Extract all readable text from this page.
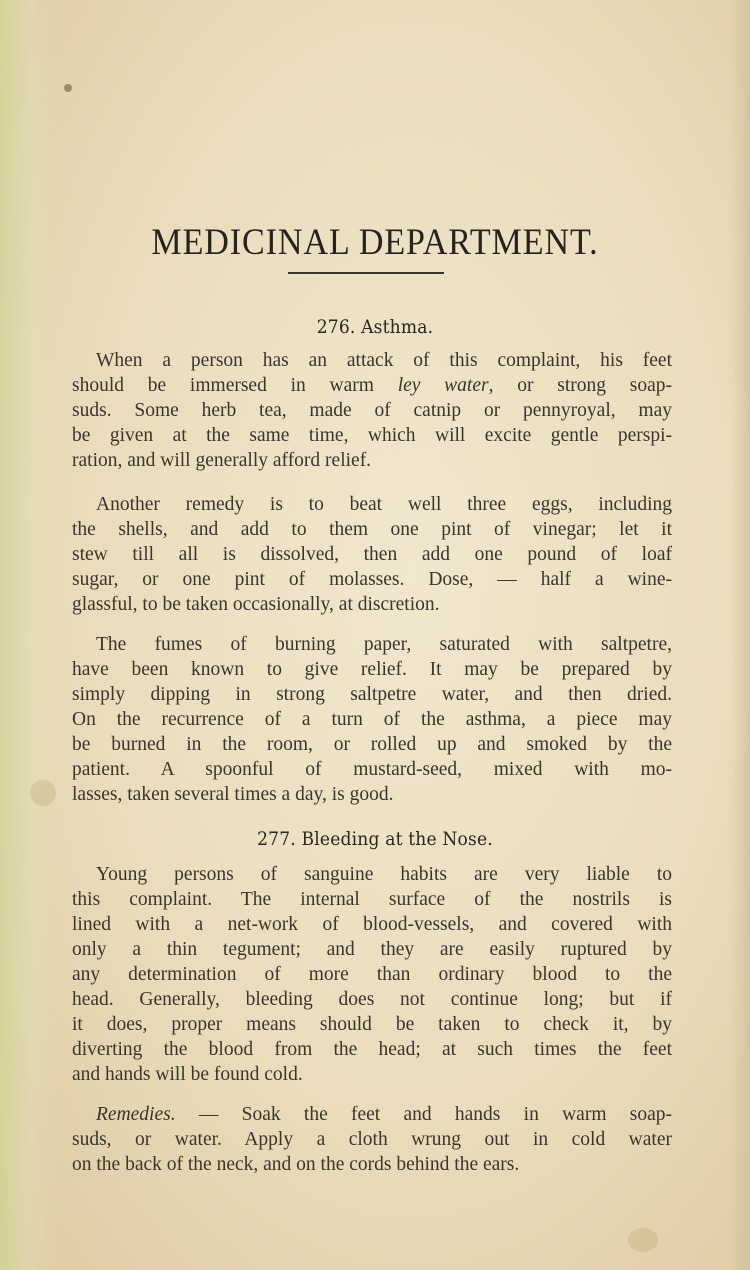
MEDICINAL DEPARTMENT.
276. Asthma.
When a person has an attack of this complaint, his feet
should be immersed in warm ley water, or strong soap-
suds. Some herb tea, made of catnip or pennyroyal, may
be given at the same time, which will excite gentle perspi-
ration, and will generally afford relief.
Another remedy is to beat well three eggs, including
the shells, and add to them one pint of vinegar; let it
stew till all is dissolved, then add one pound of loaf
sugar, or one pint of molasses. Dose, — half a wine-
glassful, to be taken occasionally, at discretion.
The fumes of burning paper, saturated with saltpetre,
have been known to give relief. It may be prepared by
simply dipping in strong saltpetre water, and then dried.
On the recurrence of a turn of the asthma, a piece may
be burned in the room, or rolled up and smoked by the
patient. A spoonful of mustard-seed, mixed with mo-
lasses, taken several times a day, is good.
277. Bleeding at the Nose.
Young persons of sanguine habits are very liable to
this complaint. The internal surface of the nostrils is
lined with a net-work of blood-vessels, and covered with
only a thin tegument; and they are easily ruptured by
any determination of more than ordinary blood to the
head. Generally, bleeding does not continue long; but if
it does, proper means should be taken to check it, by
diverting the blood from the head; at such times the feet
and hands will be found cold.
Remedies. — Soak the feet and hands in warm soap-
suds, or water. Apply a cloth wrung out in cold water
on the back of the neck, and on the cords behind the ears.
